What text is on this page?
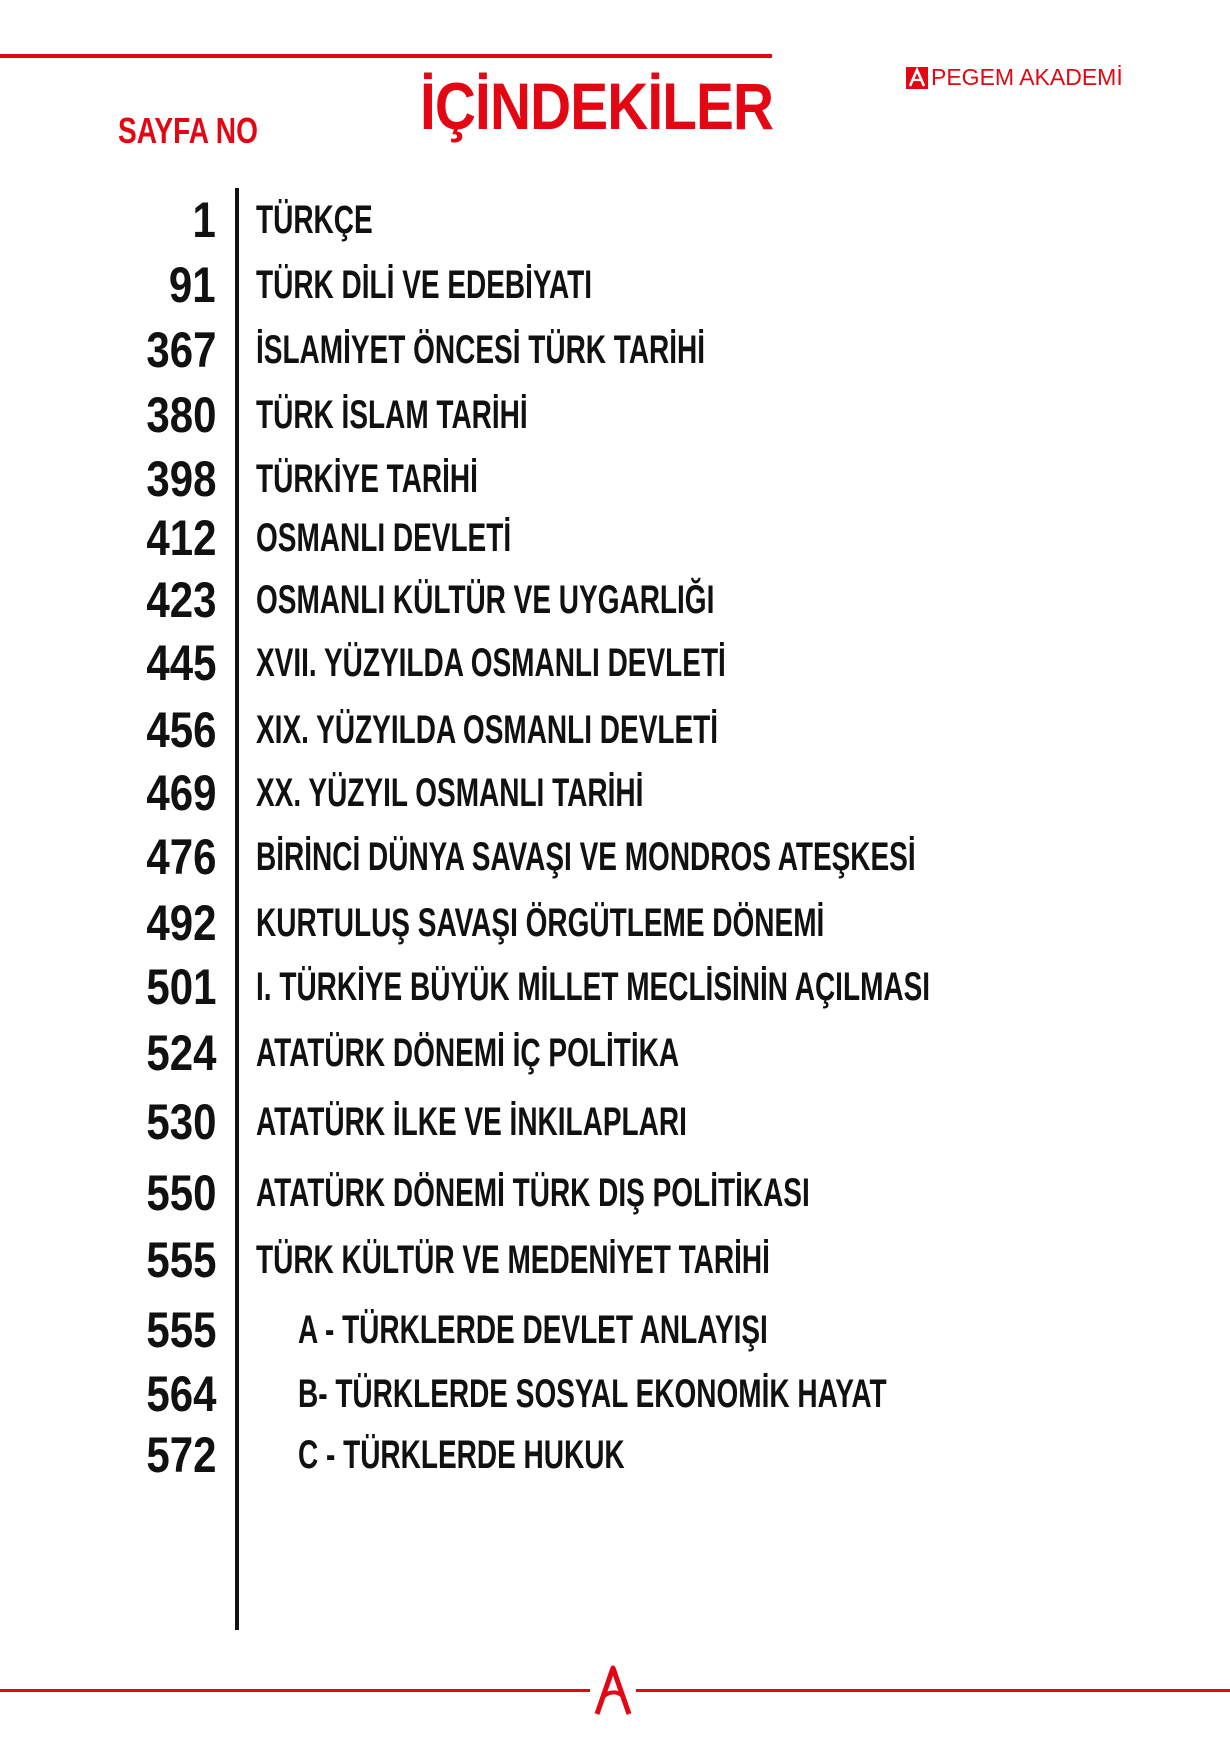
SAYFA NO İÇİNDEKİLER	PEGEM AKADEMİ
1 TÜRKÇE
91 TÜRK DİLİ VE EDEBİYATI
367 İSLAMİYET ÖNCESİ TÜRK TARİHİ
380 TÜRK İSLAM TARİHİ
398 TÜRKİYE TARİHİ
412 OSMANLI DEVLETİ
423 OSMANLI KÜLTÜR VE UYGARLIĞI
445 XVII. YÜZYILDA OSMANLI DEVLETİ
456 XIX. YÜZYILDA OSMANLI DEVLETİ
469 XX. YÜZYIL OSMANLI TARİHİ
476 BİRİNCİ DÜNYA SAVAŞI VE MONDROS ATEŞKESİ
492 KURTULUŞ SAVAŞI ÖRGÜTLEME DÖNEMİ
501 I. TÜRKİYE BÜYÜK MİLLET MECLİSİNİN AÇILMASI
524 ATATÜRK DÖNEMİ İÇ POLİTİKA
530 ATATÜRK İLKE VE İNKILAPLARI
550 ATATÜRK DÖNEMİ TÜRK DIŞ POLİTİKASI
555 TÜRK KÜLTÜR VE MEDENİYET TARİHİ
555 A - TÜRKLERDE DEVLET ANLAYIŞI
564 B- TÜRKLERDE SOSYAL EKONOMİK HAYAT
572 C - TÜRKLERDE HUKUK
